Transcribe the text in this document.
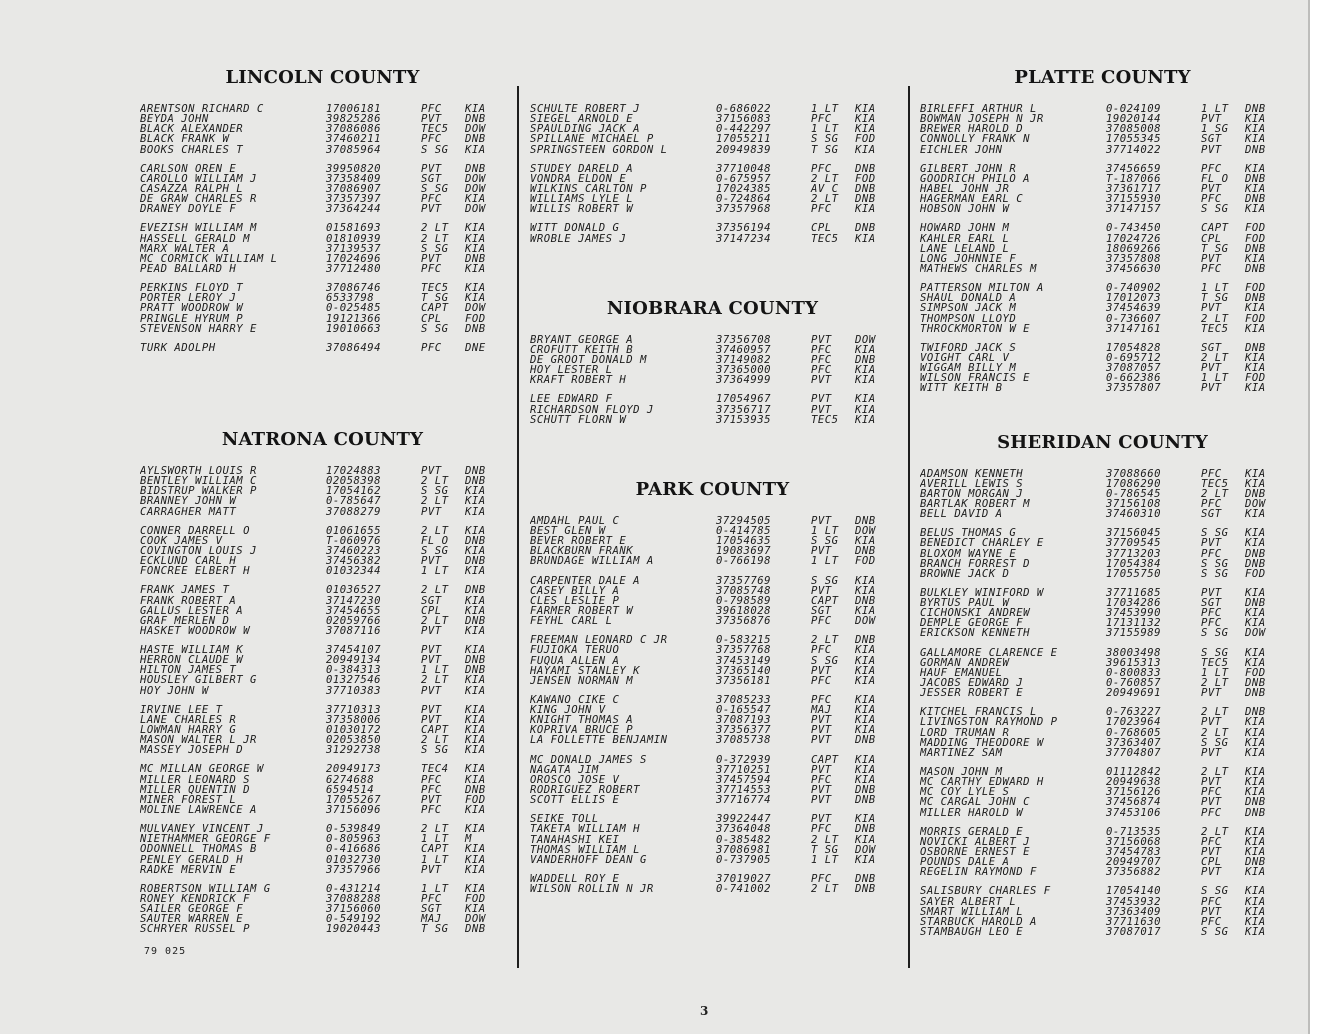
LINCOLN COUNTY
ARENTSON RICHARD C	17006181	PFC	KIA
BEYDA JOHN	39825286	PVT	DNB
BLACK ALEXANDER	37086086	TEC5	DOW
BLACK FRANK W	37460211	PFC	DNB
BOOKS CHARLES T	37085964	S SG	KIA
CARLSON OREN E	39950820	PVT	DNB
CAROLLO WILLIAM J	37358409	SGT	DOW
CASAZZA RALPH L	37086907	S SG	DOW
DE GRAW CHARLES R	37357397	PFC	KIA
DRANEY DOYLE F	37364244	PVT	DOW
EVEZISH WILLIAM M	01581693	2 LT	KIA
HASSELL GERALD M	01810939	2 LT	KIA
MARX WALTER A	37139537	S SG	KIA
MC CORMICK WILLIAM L	17024696	PVT	DNB
PEAD BALLARD H	37712480	PFC	KIA
PERKINS FLOYD T	37086746	TEC5	KIA
PORTER LEROY J	6533798	T SG	KIA
PRATT WOODROW W	0-025485	CAPT	DOW
PRINGLE HYRUM P	19121366	CPL	FOD
STEVENSON HARRY E	19010663	S SG	DNB
TURK ADOLPH	37086494	PFC	DNE
NATRONA COUNTY
AYLSWORTH LOUIS R	17024883	PVT	DNB
BENTLEY WILLIAM C	02058398	2 LT	DNB
BIDSTRUP WALKER P	17054162	S SG	KIA
BRANNEY JOHN W	0-785647	2 LT	KIA
CARRAGHER MATT	37088279	PVT	KIA
CONNER DARRELL O	01061655	2 LT	KIA
COOK JAMES V	T-060976	FL O	DNB
COVINGTON LOUIS J	37460223	S SG	KIA
ECKLUND CARL H	37456382	PVT	DNB
FONCREE ELBERT H	01032344	1 LT	KIA
FRANK JAMES T	01036527	2 LT	DNB
FRANK ROBERT A	37147230	SGT	KIA
GALLUS LESTER A	37454655	CPL	KIA
GRAF MERLEN D	02059766	2 LT	DNB
HASKET WOODROW W	37087116	PVT	KIA
HASTE WILLIAM K	37454107	PVT	KIA
HERRON CLAUDE W	20949134	PVT	DNB
HILTON JAMES T	0-384313	1 LT	DNB
HOUSLEY GILBERT G	01327546	2 LT	KIA
HOY JOHN W	37710383	PVT	KIA
IRVINE LEE T	37710313	PVT	KIA
LANE CHARLES R	37358006	PVT	KIA
LOWMAN HARRY G	01030172	CAPT	KIA
MASON WALTER L JR	02053850	2 LT	KIA
MASSEY JOSEPH D	31292738	S SG	KIA
MC MILLAN GEORGE W	20949173	TEC4	KIA
MILLER LEONARD S	6274688	PFC	KIA
MILLER QUENTIN D	6594514	PFC	DNB
MINER FOREST L	17055267	PVT	FOD
MOLINE LAWRENCE A	37156096	PFC	KIA
MULVANEY VINCENT J	0-539849	2 LT	KIA
NIETHAMMER GEORGE F	0-805963	1 LT	M
ODONNELL THOMAS B	0-416686	CAPT	KIA
PENLEY GERALD H	01032730	1 LT	KIA
RADKE MERVIN E	37357966	PVT	KIA
ROBERTSON WILLIAM G	0-431214	1 LT	KIA
RONEY KENDRICK F	37088288	PFC	FOD
SAILER GEORGE F	37156060	SGT	KIA
SAUTER WARREN E	0-549192	MAJ	DOW
SCHRYER RUSSEL P	19020443	T SG	DNB
SCHULTE ROBERT J	0-686022	1 LT	KIA
SIEGEL ARNOLD E	37156083	PFC	KIA
SPAULDING JACK A	0-442297	1 LT	KIA
SPILLANE MICHAEL P	17055211	S SG	FOD
SPRINGSTEEN GORDON L	20949839	T SG	KIA
STUDEY DARELD A	37710048	PFC	DNB
VONDRA ELDON E	0-675957	2 LT	FOD
WILKINS CARLTON P	17024385	AV C	DNB
WILLIAMS LYLE L	0-724864	2 LT	DNB
WILLIS ROBERT W	37357968	PFC	KIA
WITT DONALD G	37356194	CPL	DNB
WROBLE JAMES J	37147234	TEC5	KIA
NIOBRARA COUNTY
BRYANT GEORGE A	37356708	PVT	DOW
CROFUTT KEITH B	37460957	PFC	KIA
DE GROOT DONALD M	37149082	PFC	DNB
HOY LESTER L	37365000	PFC	KIA
KRAFT ROBERT H	37364999	PVT	KIA
LEE EDWARD F	17054967	PVT	KIA
RICHARDSON FLOYD J	37356717	PVT	KIA
SCHUTT FLORN W	37153935	TEC5	KIA
PARK COUNTY
AMDAHL PAUL C	37294505	PVT	DNB
BEST GLEN W	0-414785	1 LT	DOW
BEVER ROBERT E	17054635	S SG	KIA
BLACKBURN FRANK	19083697	PVT	DNB
BRUNDAGE WILLIAM A	0-766198	1 LT	FOD
CARPENTER DALE A	37357769	S SG	KIA
CASEY BILLY A	37085748	PVT	KIA
CLES LESLIE P	0-798589	CAPT	DNB
FARMER ROBERT W	39618028	SGT	KIA
FEYHL CARL L	37356876	PFC	DOW
FREEMAN LEONARD C JR	0-583215	2 LT	DNB
FUJIOKA TERUO	37357768	PFC	KIA
FUQUA ALLEN A	37453149	S SG	KIA
HAYAMI STANLEY K	37365140	PVT	KIA
JENSEN NORMAN M	37356181	PFC	KIA
KAWANO CIKE C	37085233	PFC	KIA
KING JOHN V	0-165547	MAJ	KIA
KNIGHT THOMAS A	37087193	PVT	KIA
KOPRIVA BRUCE P	37356377	PVT	KIA
LA FOLLETTE BENJAMIN	37085738	PVT	DNB
MC DONALD JAMES S	0-372939	CAPT	KIA
NAGATA JIM	37710251	PVT	KIA
OROSCO JOSE V	37457594	PFC	KIA
RODRIGUEZ ROBERT	37714553	PVT	DNB
SCOTT ELLIS E	37716774	PVT	DNB
SEIKE TOLL	39922447	PVT	KIA
TAKETA WILLIAM H	37364048	PFC	DNB
TANAHASHI KEI	0-385482	2 LT	KIA
THOMAS WILLIAM L	37086981	T SG	DOW
VANDERHOFF DEAN G	0-737905	1 LT	KIA
WADDELL ROY E	37019027	PFC	DNB
WILSON ROLLIN N JR	0-741002	2 LT	DNB
PLATTE COUNTY
BIRLEFFI ARTHUR L	0-024109	1 LT	DNB
BOWMAN JOSEPH N JR	19020144	PVT	KIA
BREWER HAROLD D	37085008	1 SG	KIA
CONNOLLY FRANK N	17055345	SGT	KIA
EICHLER JOHN	37714022	PVT	DNB
GILBERT JOHN R	37456659	PFC	KIA
GOODRICH PHILO A	T-187066	FL O	DNB
HABEL JOHN JR	37361717	PVT	KIA
HAGERMAN EARL C	37155930	PFC	DNB
HOBSON JOHN W	37147157	S SG	KIA
HOWARD JOHN M	0-743450	CAPT	FOD
KAHLER EARL L	17024726	CPL	FOD
LANE LELAND L	18069266	T SG	DNB
LONG JOHNNIE F	37357808	PVT	KIA
MATHEWS CHARLES M	37456630	PFC	DNB
PATTERSON MILTON A	0-740902	1 LT	FOD
SHAUL DONALD A	17012073	T SG	DNB
SIMPSON JACK M	37454639	PVT	KIA
THOMPSON LLOYD	0-736607	2 LT	FOD
THROCKMORTON W E	37147161	TEC5	KIA
TWIFORD JACK S	17054828	SGT	DNB
VOIGHT CARL V	0-695712	2 LT	KIA
WIGGAM BILLY M	37087057	PVT	KIA
WILSON FRANCIS E	0-662386	1 LT	FOD
WITT KEITH B	37357807	PVT	KIA
SHERIDAN COUNTY
ADAMSON KENNETH	37088660	PFC	KIA
AVERILL LEWIS S	17086290	TEC5	KIA
BARTON MORGAN J	0-786545	2 LT	DNB
BARTLAK ROBERT M	37156108	PFC	DOW
BELL DAVID A	37460310	SGT	KIA
BELUS THOMAS G	37156045	S SG	KIA
BENEDICT CHARLEY E	37709545	PVT	KIA
BLOXOM WAYNE E	37713203	PFC	DNB
BRANCH FORREST D	17054384	S SG	DNB
BROWNE JACK D	17055750	S SG	FOD
BULKLEY WINIFORD W	37711685	PVT	KIA
BYRTUS PAUL W	17034286	SGT	DNB
CICHONSKI ANDREW	37453990	PFC	KIA
DEMPLE GEORGE F	17131132	PFC	KIA
ERICKSON KENNETH	37155989	S SG	DOW
GALLAMORE CLARENCE E	38003498	S SG	KIA
GORMAN ANDREW	39615313	TEC5	KIA
HAUF EMANUEL	0-800833	1 LT	FOD
JACOBS EDWARD J	0-760857	2 LT	DNB
JESSER ROBERT E	20949691	PVT	DNB
KITCHEL FRANCIS L	0-763227	2 LT	DNB
LIVINGSTON RAYMOND P	17023964	PVT	KIA
LORD TRUMAN R	0-768605	2 LT	KIA
MADDING THEODORE W	37363407	S SG	KIA
MARTINEZ SAM	37704807	PVT	KIA
MASON JOHN M	01112842	2 LT	KIA
MC CARTHY EDWARD H	20949638	PVT	KIA
MC COY LYLE S	37156126	PFC	KIA
MC CARGAL JOHN C	37456874	PVT	DNB
MILLER HAROLD W	37453106	PFC	DNB
MORRIS GERALD E	0-713535	2 LT	KIA
NOVICKI ALBERT J	37156068	PFC	KIA
OSBORNE ERNEST E	37454783	PVT	KIA
POUNDS DALE A	20949707	CPL	DNB
REGELIN RAYMOND F	37356882	PVT	KIA
SALISBURY CHARLES F	17054140	S SG	KIA
SAYER ALBERT L	37453932	PFC	KIA
SMART WILLIAM L	37363409	PVT	KIA
STARBUCK HAROLD A	37711630	PFC	KIA
STAMBAUGH LEO E	37087017	S SG	KIA
79 025
3
